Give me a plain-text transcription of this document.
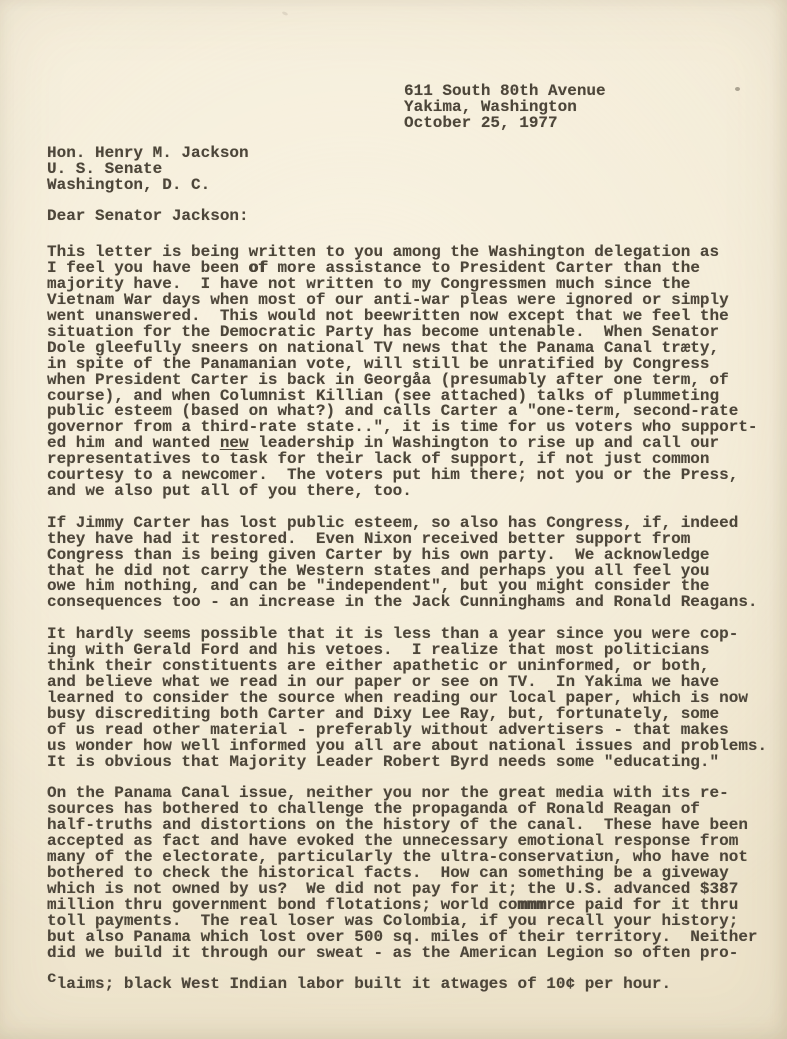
611 South 80th Avenue
Yakima, Washington
October 25, 1977
Hon. Henry M. Jackson
U. S. Senate
Washington, D. C.
Dear Senator Jackson:
This letter is being written to you among the Washington delegation as
I feel you have been of more assistance to President Carter than the
majority have.  I have not written to my Congressmen much since the
Vietnam War days when most of our anti-war pleas were ignored or simply
went unanswered.  This would not beewritten now except that we feel the
situation for the Democratic Party has become untenable.  When Senator
Dole gleefully sneers on national TV news that the Panama Canal træty,
in spite of the Panamanian vote, will still be unratified by Congress
when President Carter is back in Georgåa (presumably after one term, of
course), and when Columnist Killian (see attached) talks of plummeting
public esteem (based on what?) and calls Carter a "one-term, second-rate
governor from a third-rate state..", it is time for us voters who support-
ed him and wanted new leadership in Washington to rise up and call our
representatives to task for their lack of support, if not just common
courtesy to a newcomer.  The voters put him there; not you or the Press,
and we also put all of you there, too.
If Jimmy Carter has lost public esteem, so also has Congress, if, indeed
they have had it restored.  Even Nixon received better support from
Congress than is being given Carter by his own party.  We acknowledge
that he did not carry the Western states and perhaps you all feel you
owe him nothing, and can be "independent", but you might consider the
consequences too - an increase in the Jack Cunninghams and Ronald Reagans.
It hardly seems possible that it is less than a year since you were cop-
ing with Gerald Ford and his vetoes.  I realize that most politicians
think their constituents are either apathetic or uninformed, or both,
and believe what we read in our paper or see on TV.  In Yakima we have
learned to consider the source when reading our local paper, which is now
busy discrediting both Carter and Dixy Lee Ray, but, fortunately, some
of us read other material - preferably without advertisers - that makes
us wonder how well informed you all are about national issues and problems.
It is obvious that Majority Leader Robert Byrd needs some "educating."
On the Panama Canal issue, neither you nor the great media with its re-
sources has bothered to challenge the propaganda of Ronald Reagan of
half-truths and distortions on the history of the canal.  These have been
accepted as fact and have evoked the unnecessary emotional response from
many of the electorate, particularly the ultra-conservatiʊn, who have not
bothered to check the historical facts.  How can something be a giveway
which is not owned by us?  We did not pay for it; the U.S. advanced $387
million thru government bond flotations; world commmrce paid for it thru
toll payments.  The real loser was Colombia, if you recall your history;
but also Panama which lost over 500 sq. miles of their territory.  Neither
did we build it through our sweat - as the American Legion so often pro-
claims; black West Indian labor built it atwages of 10¢ per hour.
